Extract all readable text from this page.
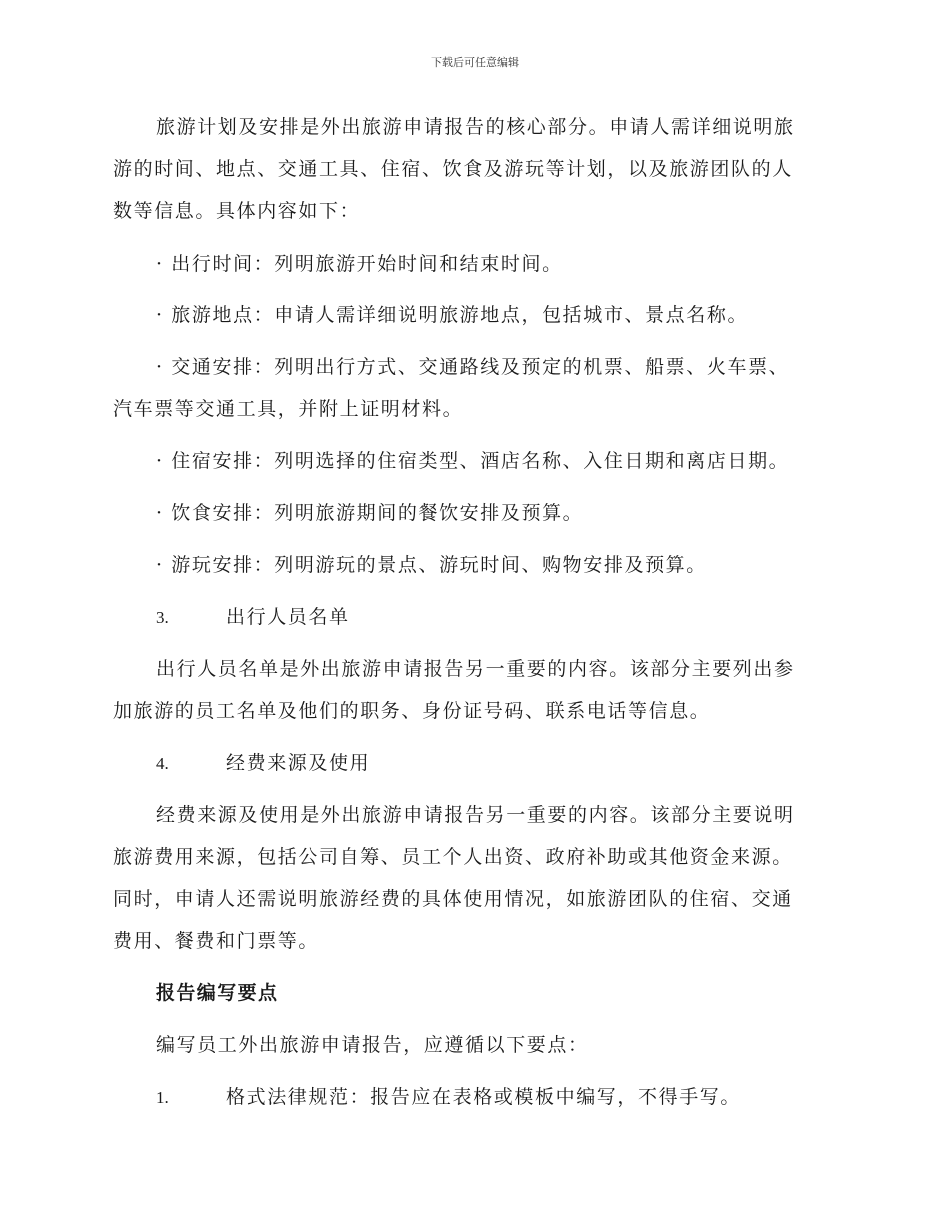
下载后可任意编辑
旅游计划及安排是外出旅游申请报告的核心部分。申请人需详细说明旅
游的时间、地点、交通工具、住宿、饮食及游玩等计划，以及旅游团队的人
数等信息。具体内容如下：
· 出行时间：列明旅游开始时间和结束时间。
· 旅游地点：申请人需详细说明旅游地点，包括城市、景点名称。
· 交通安排：列明出行方式、交通路线及预定的机票、船票、火车票、
汽车票等交通工具，并附上证明材料。
· 住宿安排：列明选择的住宿类型、酒店名称、入住日期和离店日期。
· 饮食安排：列明旅游期间的餐饮安排及预算。
· 游玩安排：列明游玩的景点、游玩时间、购物安排及预算。
3.	出行人员名单
出行人员名单是外出旅游申请报告另一重要的内容。该部分主要列出参
加旅游的员工名单及他们的职务、身份证号码、联系电话等信息。
4.	经费来源及使用
经费来源及使用是外出旅游申请报告另一重要的内容。该部分主要说明
旅游费用来源，包括公司自筹、员工个人出资、政府补助或其他资金来源。
同时，申请人还需说明旅游经费的具体使用情况，如旅游团队的住宿、交通
费用、餐费和门票等。
报告编写要点
编写员工外出旅游申请报告，应遵循以下要点：
1.	格式法律规范：报告应在表格或模板中编写，不得手写。
